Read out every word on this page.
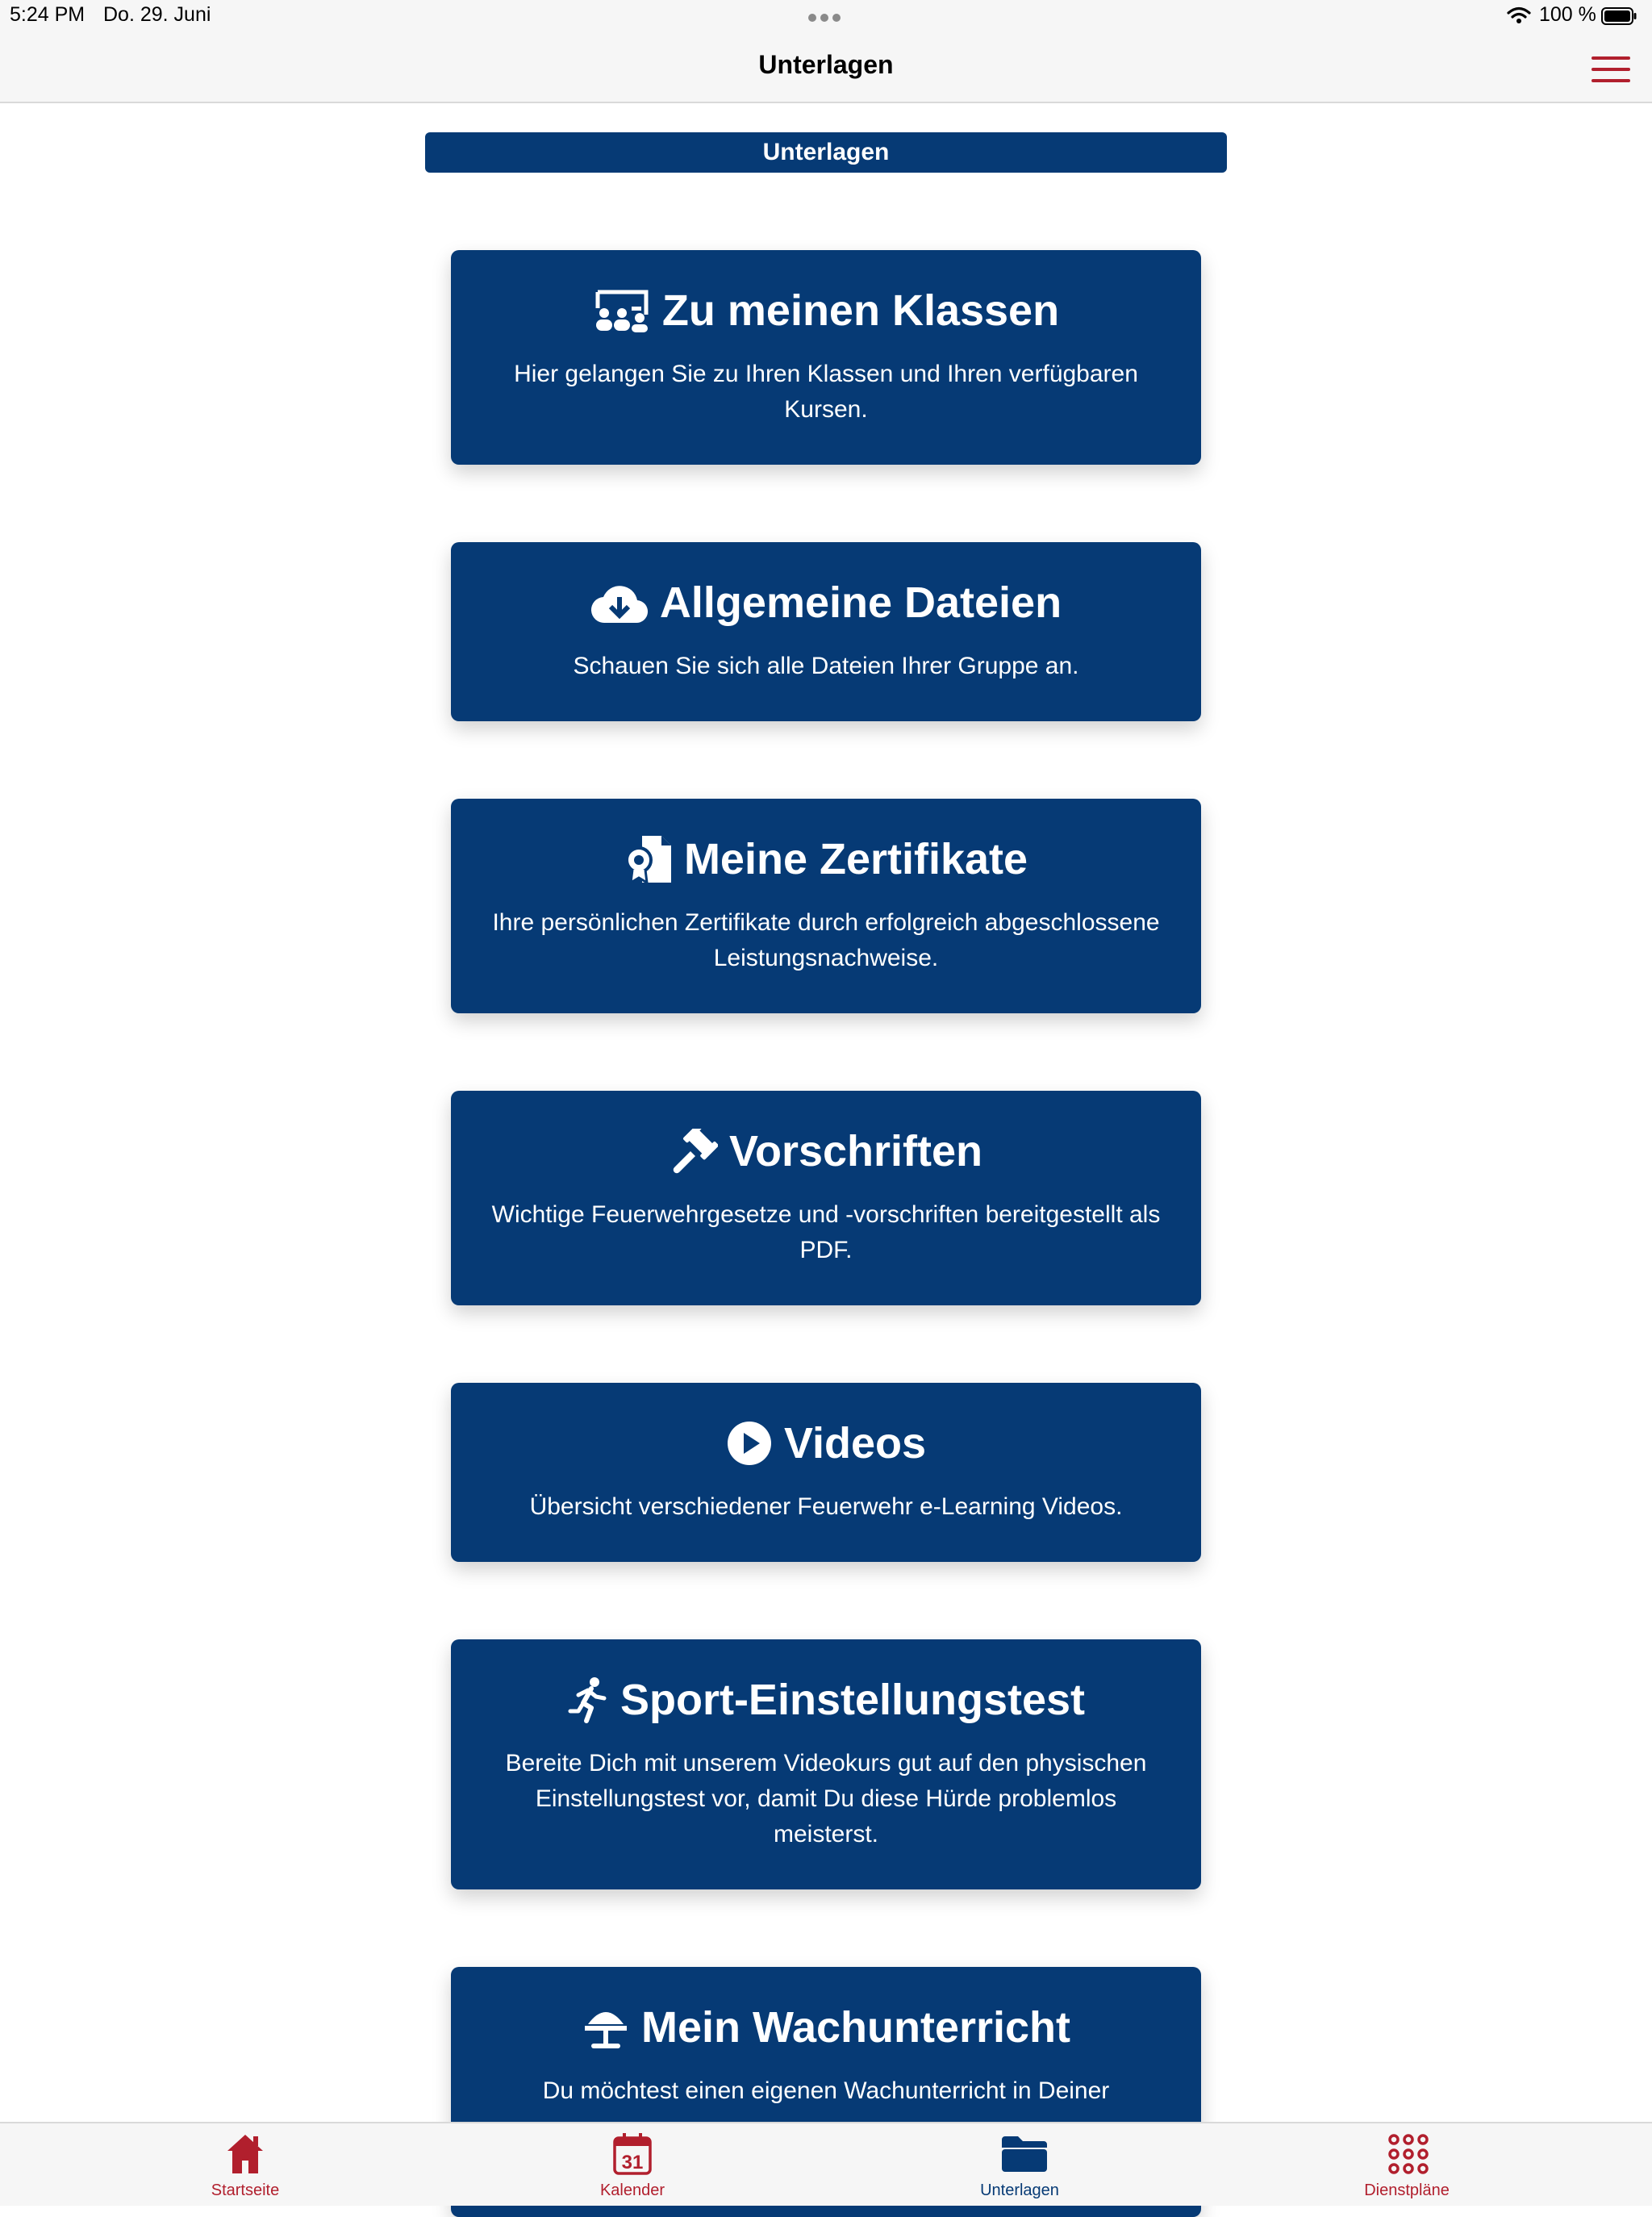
5:24 PM Do. 29. Juni	100 %
Unterlagen
Unterlagen
Zu meinen Klassen
Hier gelangen Sie zu Ihren Klassen und Ihren verfügbaren Kursen.
Allgemeine Dateien
Schauen Sie sich alle Dateien Ihrer Gruppe an.
Meine Zertifikate
Ihre persönlichen Zertifikate durch erfolgreich abgeschlossene Leistungsnachweise.
Vorschriften
Wichtige Feuerwehrgesetze und -vorschriften bereitgestellt als PDF.
Videos
Übersicht verschiedener Feuerwehr e-Learning Videos.
Sport-Einstellungstest
Bereite Dich mit unserem Videokurs gut auf den physischen Einstellungstest vor, damit Du diese Hürde problemlos meisterst.
Mein Wachunterricht
Du möchtest einen eigenen Wachunterricht in Deiner
Startseite
31
Kalender	Unterlagen	Dienstpläne
